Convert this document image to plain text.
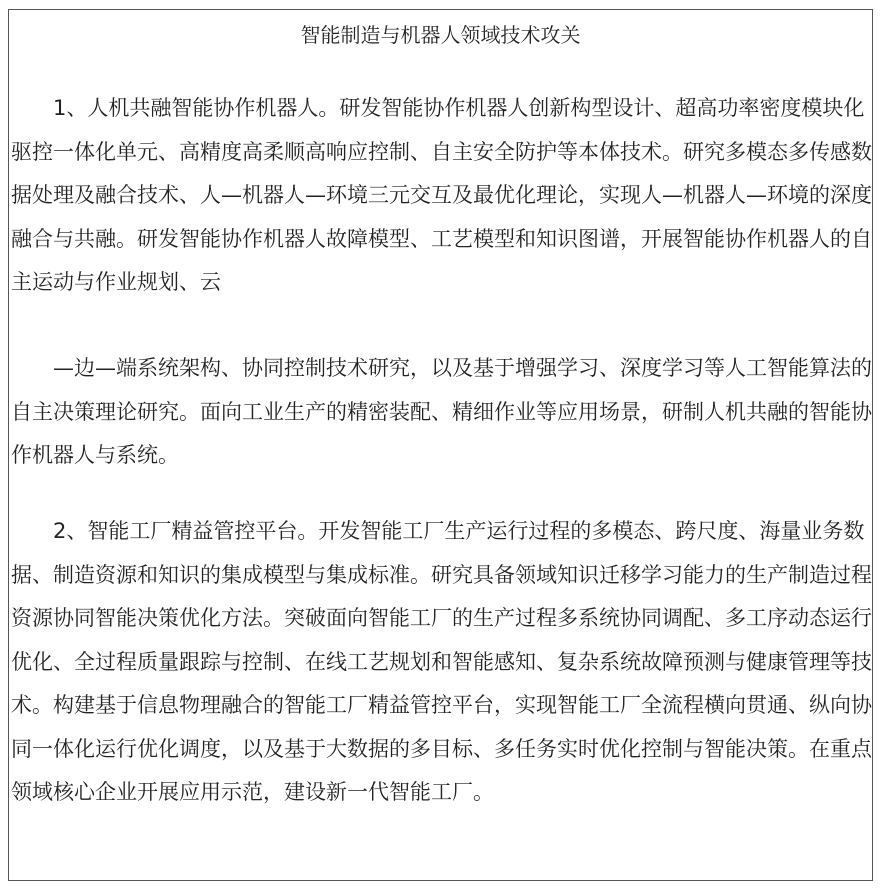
智能制造与机器人领域技术攻关

1、人机共融智能协作机器人。研发智能协作机器人创新构型设计、超高功率密度模块化驱控一体化单元、高精度高柔顺高响应控制、自主安全防护等本体技术。研究多模态多传感数据处理及融合技术、人—机器人—环境三元交互及最优化理论，实现人—机器人—环境的深度融合与共融。研发智能协作机器人故障模型、工艺模型和知识图谱，开展智能协作机器人的自主运动与作业规划、云

—边—端系统架构、协同控制技术研究，以及基于增强学习、深度学习等人工智能算法的自主决策理论研究。面向工业生产的精密装配、精细作业等应用场景，研制人机共融的智能协作机器人与系统。

2、智能工厂精益管控平台。开发智能工厂生产运行过程的多模态、跨尺度、海量业务数据、制造资源和知识的集成模型与集成标准。研究具备领域知识迁移学习能力的生产制造过程资源协同智能决策优化方法。突破面向智能工厂的生产过程多系统协同调配、多工序动态运行优化、全过程质量跟踪与控制、在线工艺规划和智能感知、复杂系统故障预测与健康管理等技术。构建基于信息物理融合的智能工厂精益管控平台，实现智能工厂全流程横向贯通、纵向协同一体化运行优化调度，以及基于大数据的多目标、多任务实时优化控制与智能决策。在重点领域核心企业开展应用示范，建设新一代智能工厂。
